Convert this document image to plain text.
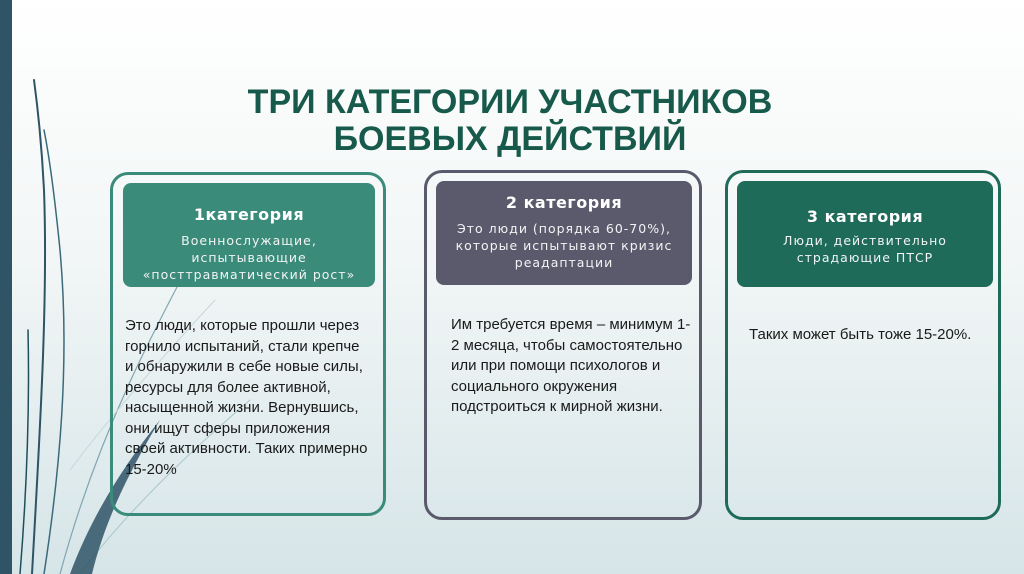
ТРИ КАТЕГОРИИ УЧАСТНИКОВ
БОЕВЫХ ДЕЙСТВИЙ
1категория
Военнослужащие, испытывающие «посттравматический рост»
Это люди, которые прошли через горнило испытаний, стали крепче и обнаружили в себе новые силы, ресурсы для более активной, насыщенной жизни. Вернувшись, они ищут сферы приложения своей активности. Таких примерно 15-20%
2 категория
Это люди (порядка 60-70%), которые испытывают кризис реадаптации
Им требуется время – минимум 1-2 месяца, чтобы самостоятельно или при помощи психологов и социального окружения подстроиться к мирной жизни.
3 категория
Люди, действительно страдающие ПТСР
Таких может быть тоже 15-20%.
